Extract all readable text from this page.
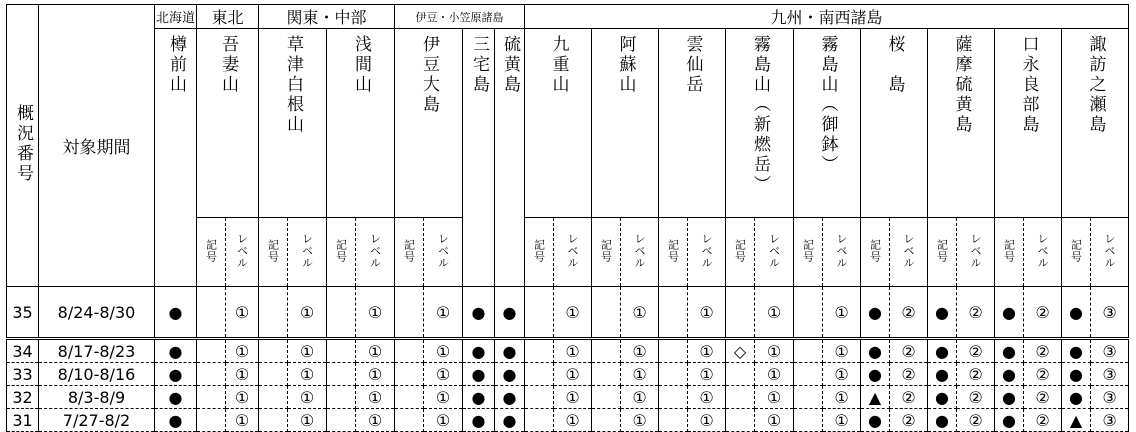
概況番号	対象期間	北海道	東北		関東・中部				伊豆・小笠原諸島				九州・南西諸島																	
		樽前山	吾妻山		草津白根山		浅間山		伊豆大島		三宅島	硫黄島	九重山		阿蘇山		雲仙岳		霧島山（新燃岳）		霧島山（御鉢）		桜　島		薩摩硫黄島		口永良部島		諏訪之瀬島	
			記号	レベル	記号	レベル	記号	レベル	記号	レベル			記号	レベル	記号	レベル	記号	レベル	記号	レベル	記号	レベル	記号	レベル	記号	レベル	記号	レベル	記号	レベル
35	8/24-8/30	●		①		①		①		①	●	●		①		①		①		①		①	●	②	●	②	●	②	●	③
34	8/17-8/23	●		①		①		①		①	●	●		①		①		①	◇	①		①	●	②	●	②	●	②	●	③
33	8/10-8/16	●		①		①		①		①	●	●		①		①		①		①		①	●	②	●	②	●	②	●	③
32	8/3-8/9	●		①		①		①		①	●	●		①		①		①		①		①	▲	②	●	②	●	②	●	③
31	7/27-8/2	●		①		①		①		①	●	●		①		①		①		①		①	●	②	●	②	●	②	▲	③
